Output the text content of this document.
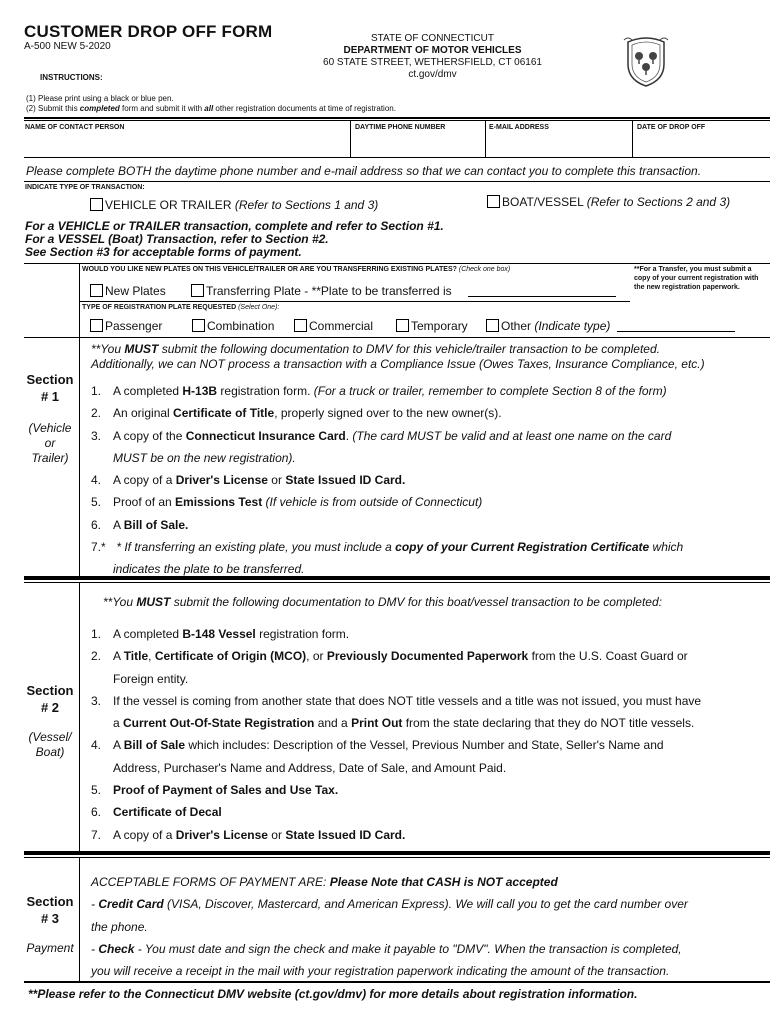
CUSTOMER DROP OFF FORM
A-500 NEW 5-2020
INSTRUCTIONS:
STATE OF CONNECTICUT
DEPARTMENT OF MOTOR VEHICLES
60 STATE STREET, WETHERSFIELD, CT 06161
ct.gov/dmv
(1) Please print using a black or blue pen.
(2) Submit this completed form and submit it with all other registration documents at time of registration.
NAME OF CONTACT PERSON	DAYTIME PHONE NUMBER	E-MAIL ADDRESS	DATE OF DROP OFF
Please complete BOTH the daytime phone number and e-mail address so that we can contact you to complete this transaction.
INDICATE TYPE OF TRANSACTION:
VEHICLE OR TRAILER (Refer to Sections 1 and 3)	BOAT/VESSEL (Refer to Sections 2 and 3)
For a VEHICLE or TRAILER transaction, complete and refer to Section #1.
For a VESSEL (Boat) Transaction, refer to Section #2.
See Section #3 for acceptable forms of payment.
WOULD YOU LIKE NEW PLATES ON THIS VEHICLE/TRAILER OR ARE YOU TRANSFERRING EXISTING PLATES? (Check one box)	**For a Transfer, you must submit a copy of your current registration with the new registration paperwork.
New Plates	Transferring Plate - **Plate to be transferred is
TYPE OF REGISTRATION PLATE REQUESTED (Select One):
Passenger	Combination	Commercial	Temporary	Other (Indicate type)
Section
# 1
(Vehicle
or
Trailer)
**You MUST submit the following documentation to DMV for this vehicle/trailer transaction to be completed.
Additionally, we can NOT process a transaction with a Compliance Issue (Owes Taxes, Insurance Compliance, etc.)
1. A completed H-13B registration form. (For a truck or trailer, remember to complete Section 8 of the form)
2. An original Certificate of Title, properly signed over to the new owner(s).
3. A copy of the Connecticut Insurance Card. (The card MUST be valid and at least one name on the card
MUST be on the new registration).
4. A copy of a Driver's License or State Issued ID Card.
5. Proof of an Emissions Test (If vehicle is from outside of Connecticut)
6. A Bill of Sale.
7.* * If transferring an existing plate, you must include a copy of your Current Registration Certificate which
indicates the plate to be transferred.
Section
# 2
(Vessel/
Boat)
**You MUST submit the following documentation to DMV for this boat/vessel transaction to be completed:
1. A completed B-148 Vessel registration form.
2. A Title, Certificate of Origin (MCO), or Previously Documented Paperwork from the U.S. Coast Guard or
Foreign entity.
3. If the vessel is coming from another state that does NOT title vessels and a title was not issued, you must have
a Current Out-Of-State Registration and a Print Out from the state declaring that they do NOT title vessels.
4. A Bill of Sale which includes: Description of the Vessel, Previous Number and State, Seller's Name and
Address, Purchaser's Name and Address, Date of Sale, and Amount Paid.
5. Proof of Payment of Sales and Use Tax.
6. Certificate of Decal
7. A copy of a Driver's License or State Issued ID Card.
Section
# 3
Payment
ACCEPTABLE FORMS OF PAYMENT ARE: Please Note that CASH is NOT accepted
- Credit Card (VISA, Discover, Mastercard, and American Express). We will call you to get the card number over
the phone.
- Check - You must date and sign the check and make it payable to "DMV". When the transaction is completed,
you will receive a receipt in the mail with your registration paperwork indicating the amount of the transaction.
**Please refer to the Connecticut DMV website (ct.gov/dmv) for more details about registration information.
